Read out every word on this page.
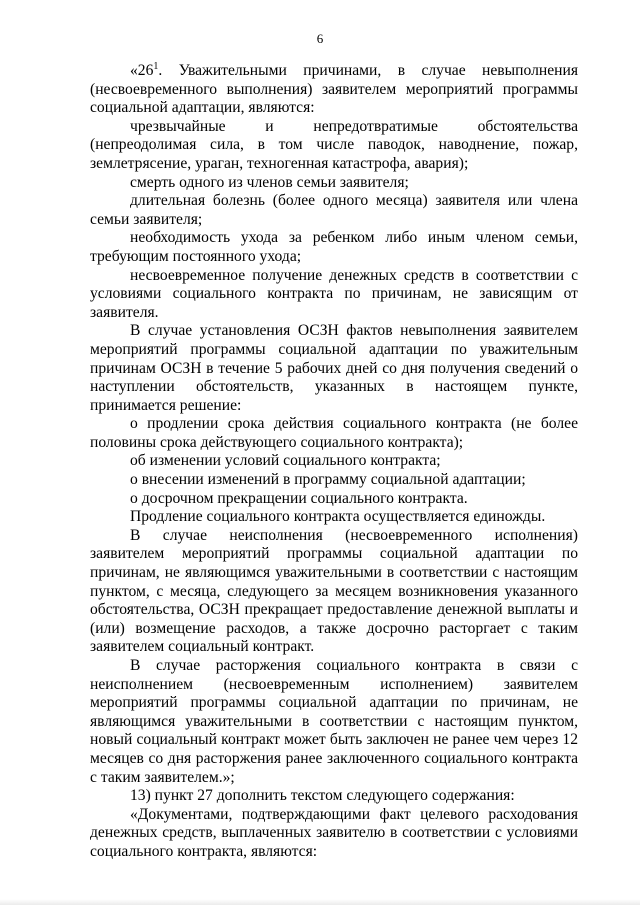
6

«$26^1$. Уважительными причинами, в случае невыполнения (несвоевременного выполнения) заявителем мероприятий программы социальной адаптации, являются:

чрезвычайные и непредотвратимые обстоятельства (непреодолимая сила, в том числе паводок, наводнение, пожар, землетрясение, ураган, техногенная катастрофа, авария);

смерть одного из членов семьи заявителя;

длительная болезнь (более одного месяца) заявителя или члена семьи заявителя;

необходимость ухода за ребенком либо иным членом семьи, требующим постоянного ухода;

несвоевременное получение денежных средств в соответствии с условиями социального контракта по причинам, не зависящим от заявителя.

В случае установления ОСЗН фактов невыполнения заявителем мероприятий программы социальной адаптации по уважительным причинам ОСЗН в течение 5 рабочих дней со дня получения сведений о наступлении обстоятельств, указанных в настоящем пункте, принимается решение:

о продлении срока действия социального контракта (не более половины срока действующего социального контракта);

об изменении условий социального контракта;

о внесении изменений в программу социальной адаптации;

о досрочном прекращении социального контракта.

Продление социального контракта осуществляется единожды.

В случае неисполнения (несвоевременного исполнения) заявителем мероприятий программы социальной адаптации по причинам, не являющимся уважительными в соответствии с настоящим пунктом, с месяца, следующего за месяцем возникновения указанного обстоятельства, ОСЗН прекращает предоставление денежной выплаты и (или) возмещение расходов, а также досрочно расторгает с таким заявителем социальный контракт.

В случае расторжения социального контракта в связи с неисполнением (несвоевременным исполнением) заявителем мероприятий программы социальной адаптации по причинам, не являющимся уважительными в соответствии с настоящим пунктом, новый социальный контракт может быть заключен не ранее чем через 12 месяцев со дня расторжения ранее заключенного социального контракта с таким заявителем.»;

13) пункт 27 дополнить текстом следующего содержания:

«Документами, подтверждающими факт целевого расходования денежных средств, выплаченных заявителю в соответствии с условиями социального контракта, являются:
